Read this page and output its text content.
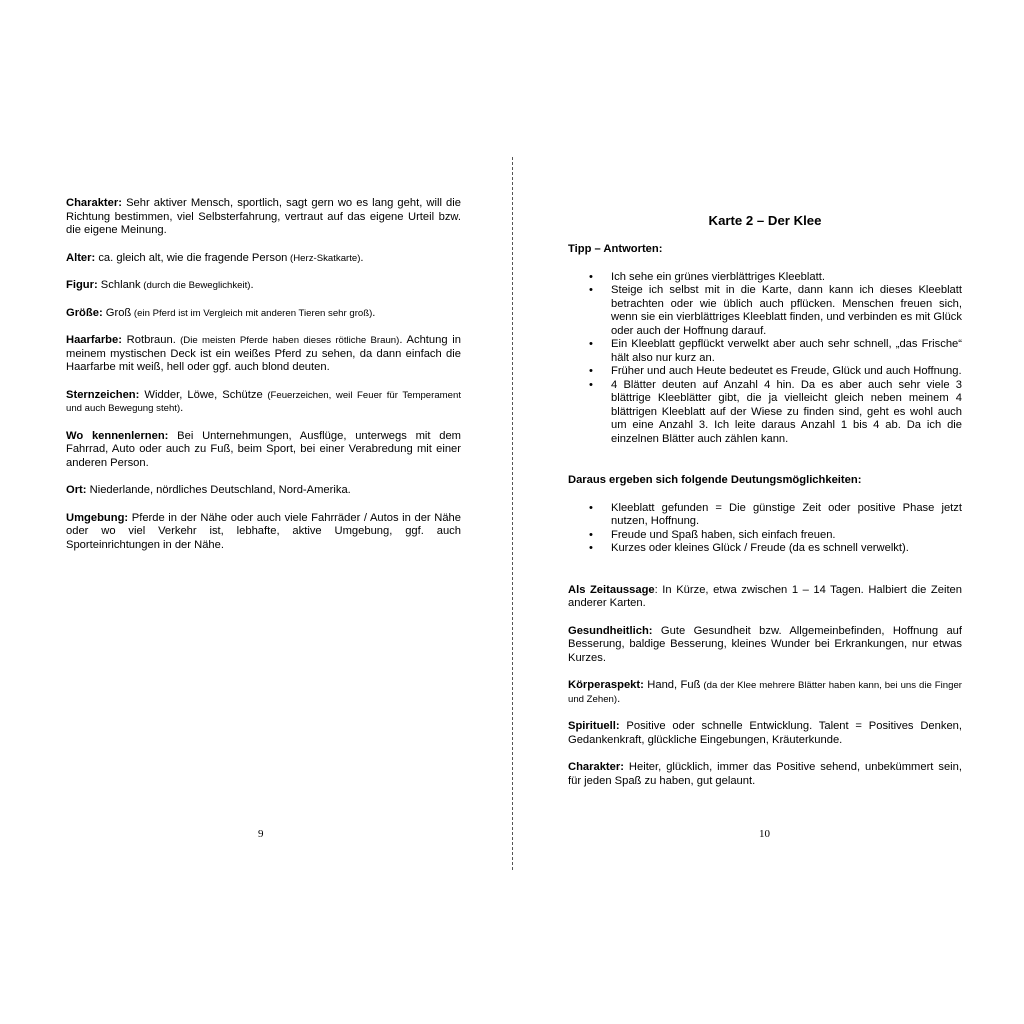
Charakter: Sehr aktiver Mensch, sportlich, sagt gern wo es lang geht, will die Richtung bestimmen, viel Selbsterfahrung, vertraut auf das eigene Urteil bzw. die eigene Meinung.

Alter: ca. gleich alt, wie die fragende Person (Herz-Skatkarte).

Figur: Schlank (durch die Beweglichkeit).

Größe: Groß (ein Pferd ist im Vergleich mit anderen Tieren sehr groß).

Haarfarbe: Rotbraun. (Die meisten Pferde haben dieses rötliche Braun). Achtung in meinem mystischen Deck ist ein weißes Pferd zu sehen, da dann einfach die Haarfarbe mit weiß, hell oder ggf. auch blond deuten.

Sternzeichen: Widder, Löwe, Schütze (Feuerzeichen, weil Feuer für Temperament und auch Bewegung steht).

Wo kennenlernen: Bei Unternehmungen, Ausflüge, unterwegs mit dem Fahrrad, Auto oder auch zu Fuß, beim Sport, bei einer Verabredung mit einer anderen Person.

Ort: Niederlande, nördliches Deutschland, Nord-Amerika.

Umgebung: Pferde in der Nähe oder auch viele Fahrräder / Autos in der Nähe oder wo viel Verkehr ist, lebhafte, aktive Umgebung, ggf. auch Sporteinrichtungen in der Nähe.

9
Karte 2 – Der Klee
Tipp – Antworten:
• Ich sehe ein grünes vierblättriges Kleeblatt.
• Steige ich selbst mit in die Karte, dann kann ich dieses Kleeblatt betrachten oder wie üblich auch pflücken. Menschen freuen sich, wenn sie ein vierblättriges Kleeblatt finden, und verbinden es mit Glück oder auch der Hoffnung darauf.
• Ein Kleeblatt gepflückt verwelkt aber auch sehr schnell, „das Frische“ hält also nur kurz an.
• Früher und auch Heute bedeutet es Freude, Glück und auch Hoffnung.
• 4 Blätter deuten auf Anzahl 4 hin. Da es aber auch sehr viele 3 blättrige Kleeblätter gibt, die ja vielleicht gleich neben meinem 4 blättrigen Kleeblatt auf der Wiese zu finden sind, geht es wohl auch um eine Anzahl 3. Ich leite daraus Anzahl 1 bis 4 ab. Da ich die einzelnen Blätter auch zählen kann.
Daraus ergeben sich folgende Deutungsmöglichkeiten:
• Kleeblatt gefunden = Die günstige Zeit oder positive Phase jetzt nutzen, Hoffnung.
• Freude und Spaß haben, sich einfach freuen.
• Kurzes oder kleines Glück / Freude (da es schnell verwelkt).

Als Zeitaussage: In Kürze, etwa zwischen 1 – 14 Tagen. Halbiert die Zeiten anderer Karten.

Gesundheitlich: Gute Gesundheit bzw. Allgemeinbefinden, Hoffnung auf Besserung, baldige Besserung, kleines Wunder bei Erkrankungen, nur etwas Kurzes.

Körperaspekt: Hand, Fuß (da der Klee mehrere Blätter haben kann, bei uns die Finger und Zehen).

Spirituell: Positive oder schnelle Entwicklung. Talent = Positives Denken, Gedankenkraft, glückliche Eingebungen, Kräuterkunde.

Charakter: Heiter, glücklich, immer das Positive sehend, unbekümmert sein, für jeden Spaß zu haben, gut gelaunt.

10
